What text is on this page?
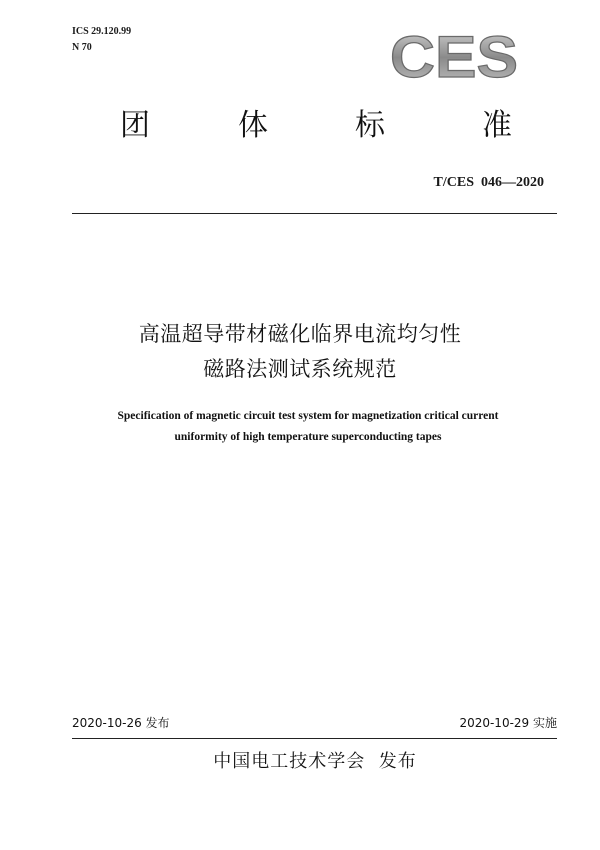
ICS 29.120.99
N 70	CES
团	体	标	准
T/CES  046—2020
高温超导带材磁化临界电流均匀性
磁路法测试系统规范
Specification of magnetic circuit test system for magnetization critical current
uniformity of high temperature superconducting tapes
2020-10-26 发布	2020-10-29 实施
中国电工技术学会  发布
